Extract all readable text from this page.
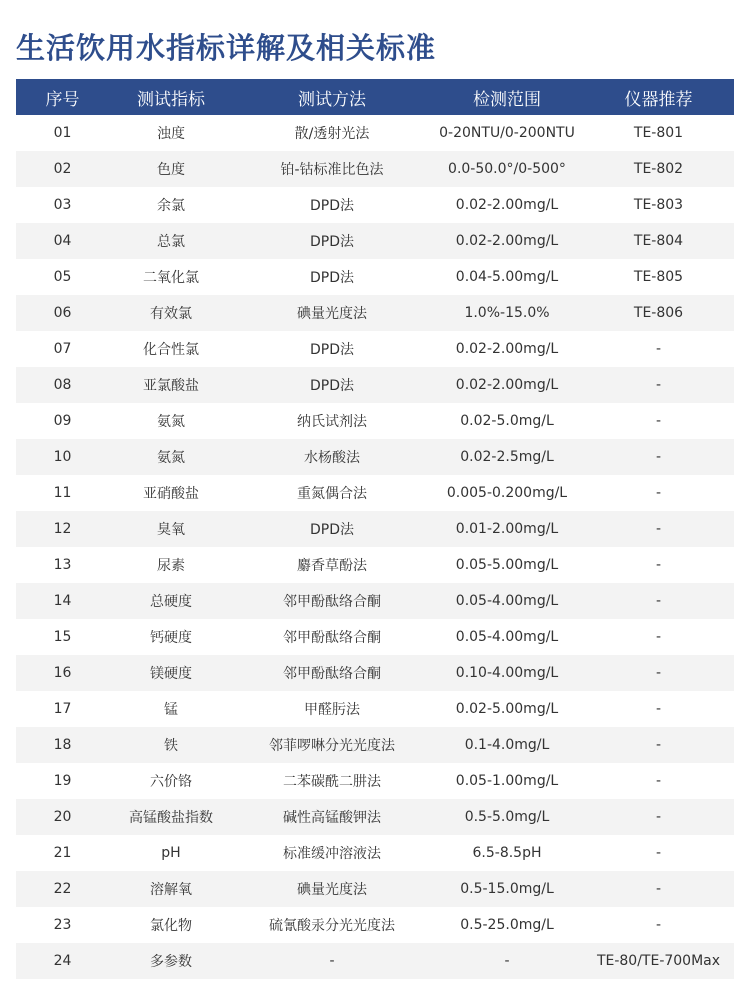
生活饮用水指标详解及相关标准
序号	测试指标	测试方法	检测范围	仪器推荐
01	浊度	散/透射光法	0-20NTU/0-200NTU	TE-801
02	色度	铂-钴标准比色法	0.0-50.0°/0-500°	TE-802
03	余氯	DPD法	0.02-2.00mg/L	TE-803
04	总氯	DPD法	0.02-2.00mg/L	TE-804
05	二氧化氯	DPD法	0.04-5.00mg/L	TE-805
06	有效氯	碘量光度法	1.0%-15.0%	TE-806
07	化合性氯	DPD法	0.02-2.00mg/L	-
08	亚氯酸盐	DPD法	0.02-2.00mg/L	-
09	氨氮	纳氏试剂法	0.02-5.0mg/L	-
10	氨氮	水杨酸法	0.02-2.5mg/L	-
11	亚硝酸盐	重氮偶合法	0.005-0.200mg/L	-
12	臭氧	DPD法	0.01-2.00mg/L	-
13	尿素	麝香草酚法	0.05-5.00mg/L	-
14	总硬度	邻甲酚酞络合酮	0.05-4.00mg/L	-
15	钙硬度	邻甲酚酞络合酮	0.05-4.00mg/L	-
16	镁硬度	邻甲酚酞络合酮	0.10-4.00mg/L	-
17	锰	甲醛肟法	0.02-5.00mg/L	-
18	铁	邻菲啰啉分光光度法	0.1-4.0mg/L	-
19	六价铬	二苯碳酰二肼法	0.05-1.00mg/L	-
20	高锰酸盐指数	碱性高锰酸钾法	0.5-5.0mg/L	-
21	pH	标准缓冲溶液法	6.5-8.5pH	-
22	溶解氧	碘量光度法	0.5-15.0mg/L	-
23	氯化物	硫氰酸汞分光光度法	0.5-25.0mg/L	-
24	多参数	-	-	TE-80/TE-700Max
